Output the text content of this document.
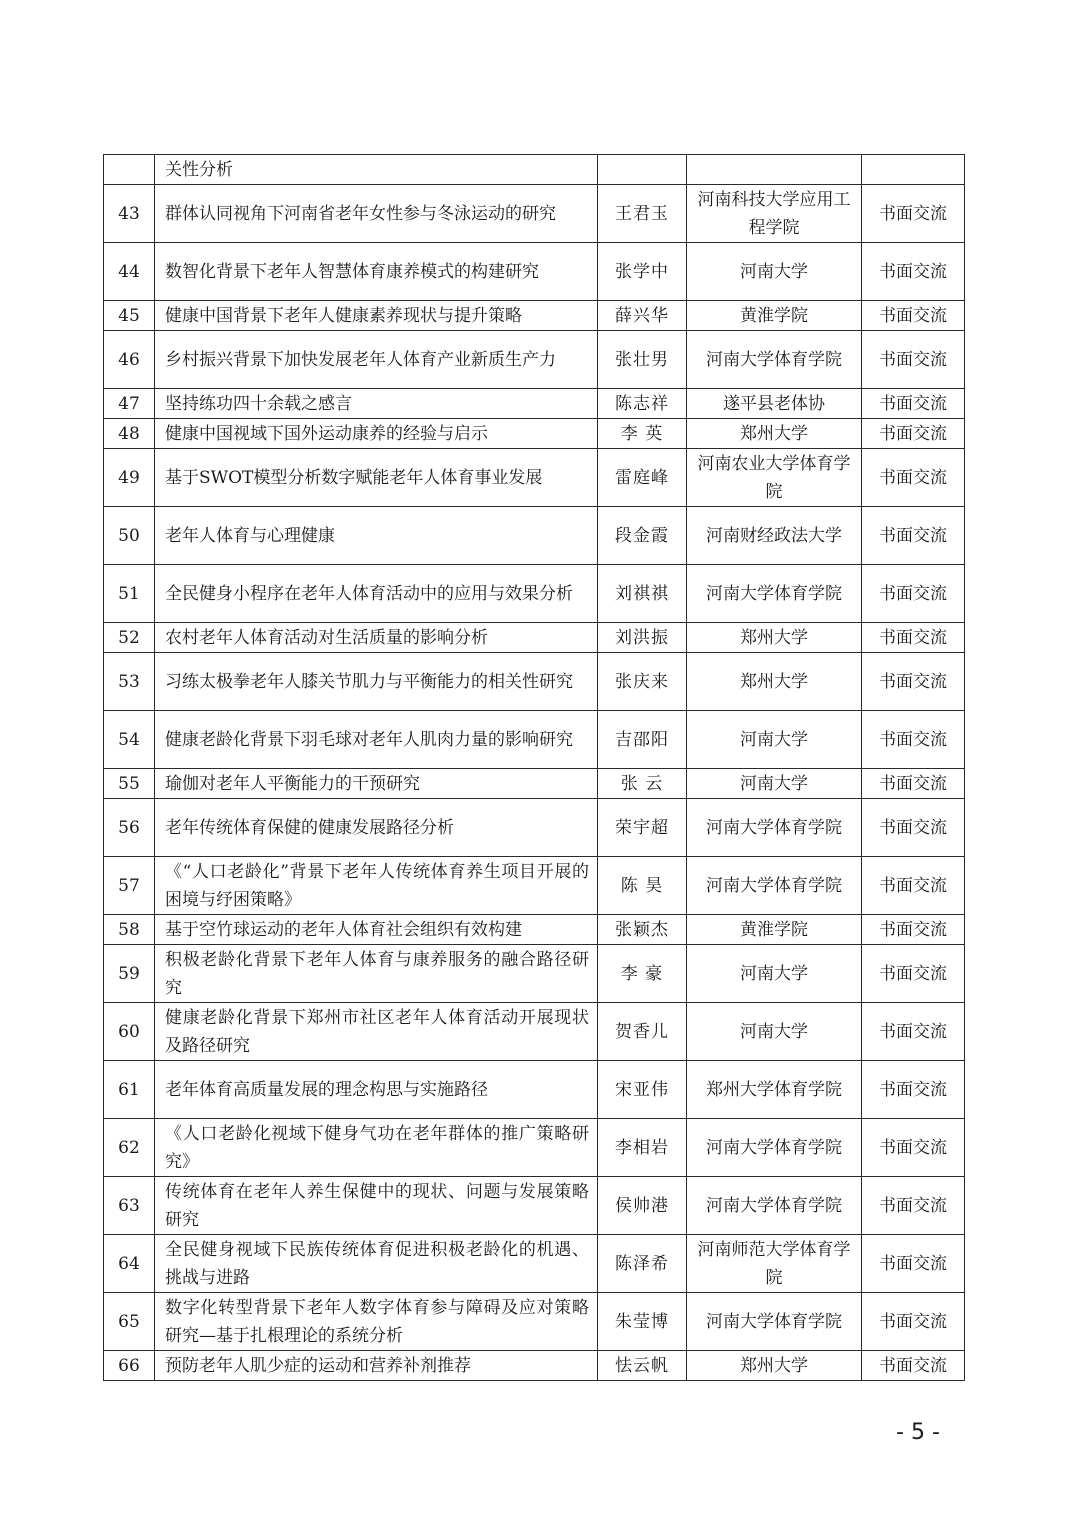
	关性分析			
43	群体认同视角下河南省老年女性参与冬泳运动的研究	王君玉	河南科技大学应用工程学院	书面交流
44	数智化背景下老年人智慧体育康养模式的构建研究	张学中	河南大学	书面交流
45	健康中国背景下老年人健康素养现状与提升策略	薛兴华	黄淮学院	书面交流
46	乡村振兴背景下加快发展老年人体育产业新质生产力	张壮男	河南大学体育学院	书面交流
47	坚持练功四十余载之感言	陈志祥	遂平县老体协	书面交流
48	健康中国视域下国外运动康养的经验与启示	李 英	郑州大学	书面交流
49	基于SWOT模型分析数字赋能老年人体育事业发展	雷庭峰	河南农业大学体育学院	书面交流
50	老年人体育与心理健康	段金霞	河南财经政法大学	书面交流
51	全民健身小程序在老年人体育活动中的应用与效果分析	刘祺祺	河南大学体育学院	书面交流
52	农村老年人体育活动对生活质量的影响分析	刘洪振	郑州大学	书面交流
53	习练太极拳老年人膝关节肌力与平衡能力的相关性研究	张庆来	郑州大学	书面交流
54	健康老龄化背景下羽毛球对老年人肌肉力量的影响研究	吉邵阳	河南大学	书面交流
55	瑜伽对老年人平衡能力的干预研究	张 云	河南大学	书面交流
56	老年传统体育保健的健康发展路径分析	荣宇超	河南大学体育学院	书面交流
57	《“人口老龄化”背景下老年人传统体育养生项目开展的困境与纾困策略》	陈 昊	河南大学体育学院	书面交流
58	基于空竹球运动的老年人体育社会组织有效构建	张颖杰	黄淮学院	书面交流
59	积极老龄化背景下老年人体育与康养服务的融合路径研究	李 豪	河南大学	书面交流
60	健康老龄化背景下郑州市社区老年人体育活动开展现状及路径研究	贺香儿	河南大学	书面交流
61	老年体育高质量发展的理念构思与实施路径	宋亚伟	郑州大学体育学院	书面交流
62	《人口老龄化视域下健身气功在老年群体的推广策略研究》	李相岩	河南大学体育学院	书面交流
63	传统体育在老年人养生保健中的现状、问题与发展策略研究	侯帅港	河南大学体育学院	书面交流
64	全民健身视域下民族传统体育促进积极老龄化的机遇、挑战与进路	陈泽希	河南师范大学体育学院	书面交流
65	数字化转型背景下老年人数字体育参与障碍及应对策略研究—基于扎根理论的系统分析	朱莹博	河南大学体育学院	书面交流
66	预防老年人肌少症的运动和营养补剂推荐	怯云帆	郑州大学	书面交流
- 5 -
